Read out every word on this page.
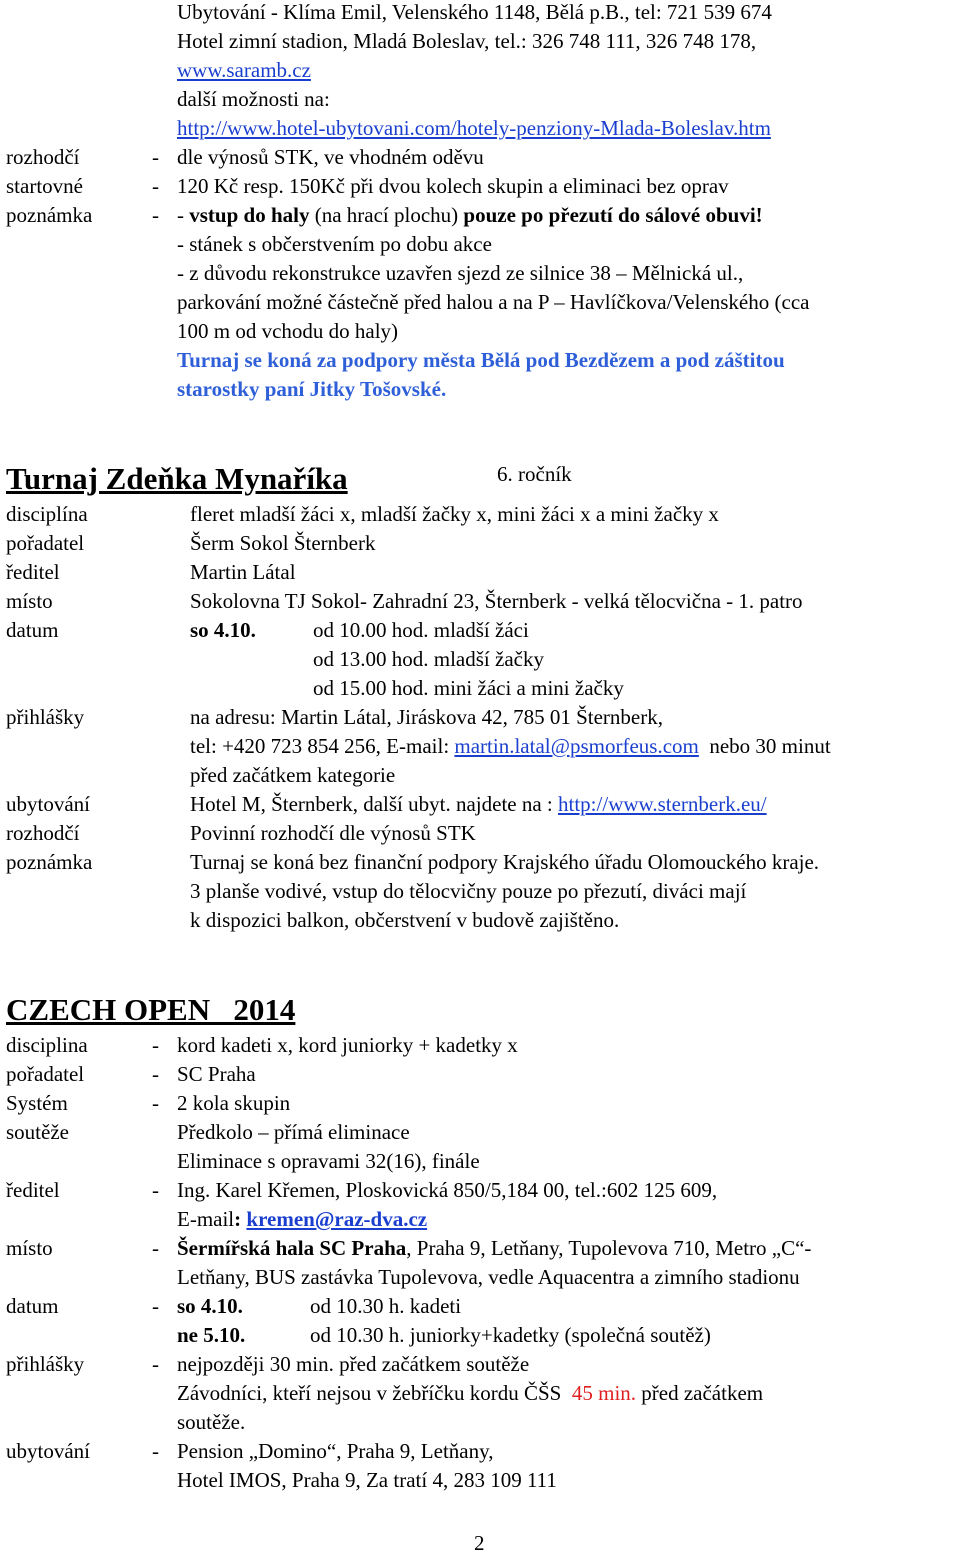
Ubytování - Klíma Emil, Velenského 1148, Bělá p.B., tel: 721 539 674
Hotel zimní stadion, Mladá Boleslav, tel.: 326 748 111, 326 748 178,
www.saramb.cz
další možnosti na:
http://www.hotel-ubytovani.com/hotely-penziony-Mlada-Boleslav.htm
rozhodčí	- dle výnosů STK, ve vhodném oděvu
startovné	- 120 Kč resp. 150Kč při dvou kolech skupin a eliminaci bez oprav
poznámka	- - vstup do haly (na hrací plochu) pouze po přezutí do sálové obuvi!
- stánek s občerstvením po dobu akce
- z důvodu rekonstrukce uzavřen sjezd ze silnice 38 – Mělnická ul.,
parkování možné částečně před halou a na P – Havlíčkova/Velenského (cca
100 m od vchodu do haly)
Turnaj se koná za podpory města Bělá pod Bezdězem a pod záštitou
starostky paní Jitky Tošovské.
Turnaj Zdeňka Mynaříka	6. ročník
disciplína	fleret mladší žáci x, mladší žačky x, mini žáci x a mini žačky x
pořadatel	Šerm Sokol Šternberk
ředitel	Martin Látal
místo	Sokolovna TJ Sokol- Zahradní 23, Šternberk - velká tělocvična - 1. patro
datum	so 4.10.	od 10.00 hod. mladší žáci
od 13.00 hod. mladší žačky
od 15.00 hod. mini žáci a mini žačky
přihlášky	na adresu: Martin Látal, Jiráskova 42, 785 01 Šternberk,
tel: +420 723 854 256, E-mail: martin.latal@psmorfeus.com  nebo 30 minut
před začátkem kategorie
ubytování	Hotel M, Šternberk, další ubyt. najdete na : http://www.sternberk.eu/
rozhodčí	Povinní rozhodčí dle výnosů STK
poznámka	Turnaj se koná bez finanční podpory Krajského úřadu Olomouckého kraje.
3 planše vodivé, vstup do tělocvičny pouze po přezutí, diváci mají
k dispozici balkon, občerstvení v budově zajištěno.
CZECH OPEN   2014
disciplina	- kord kadeti x, kord juniorky + kadetky x
pořadatel	- SC Praha
Systém	- 2 kola skupin
soutěže	Předkolo – přímá eliminace
Eliminace s opravami 32(16), finále
ředitel	- Ing. Karel Křemen, Ploskovická 850/5,184 00, tel.:602 125 609,
E-mail: kremen@raz-dva.cz
místo	- Šermířská hala SC Praha, Praha 9, Letňany, Tupolevova 710, Metro „C“-
Letňany, BUS zastávka Tupolevova, vedle Aquacentra a zimního stadionu
datum	- so 4.10.	od 10.30 h. kadeti
ne 5.10.	od 10.30 h. juniorky+kadetky (společná soutěž)
přihlášky	- nejpozději 30 min. před začátkem soutěže
Závodníci, kteří nejsou v žebříčku kordu ČŠS  45 min. před začátkem
soutěže.
ubytování	- Pension „Domino“, Praha 9, Letňany,
Hotel IMOS, Praha 9, Za tratí 4, 283 109 111
2
